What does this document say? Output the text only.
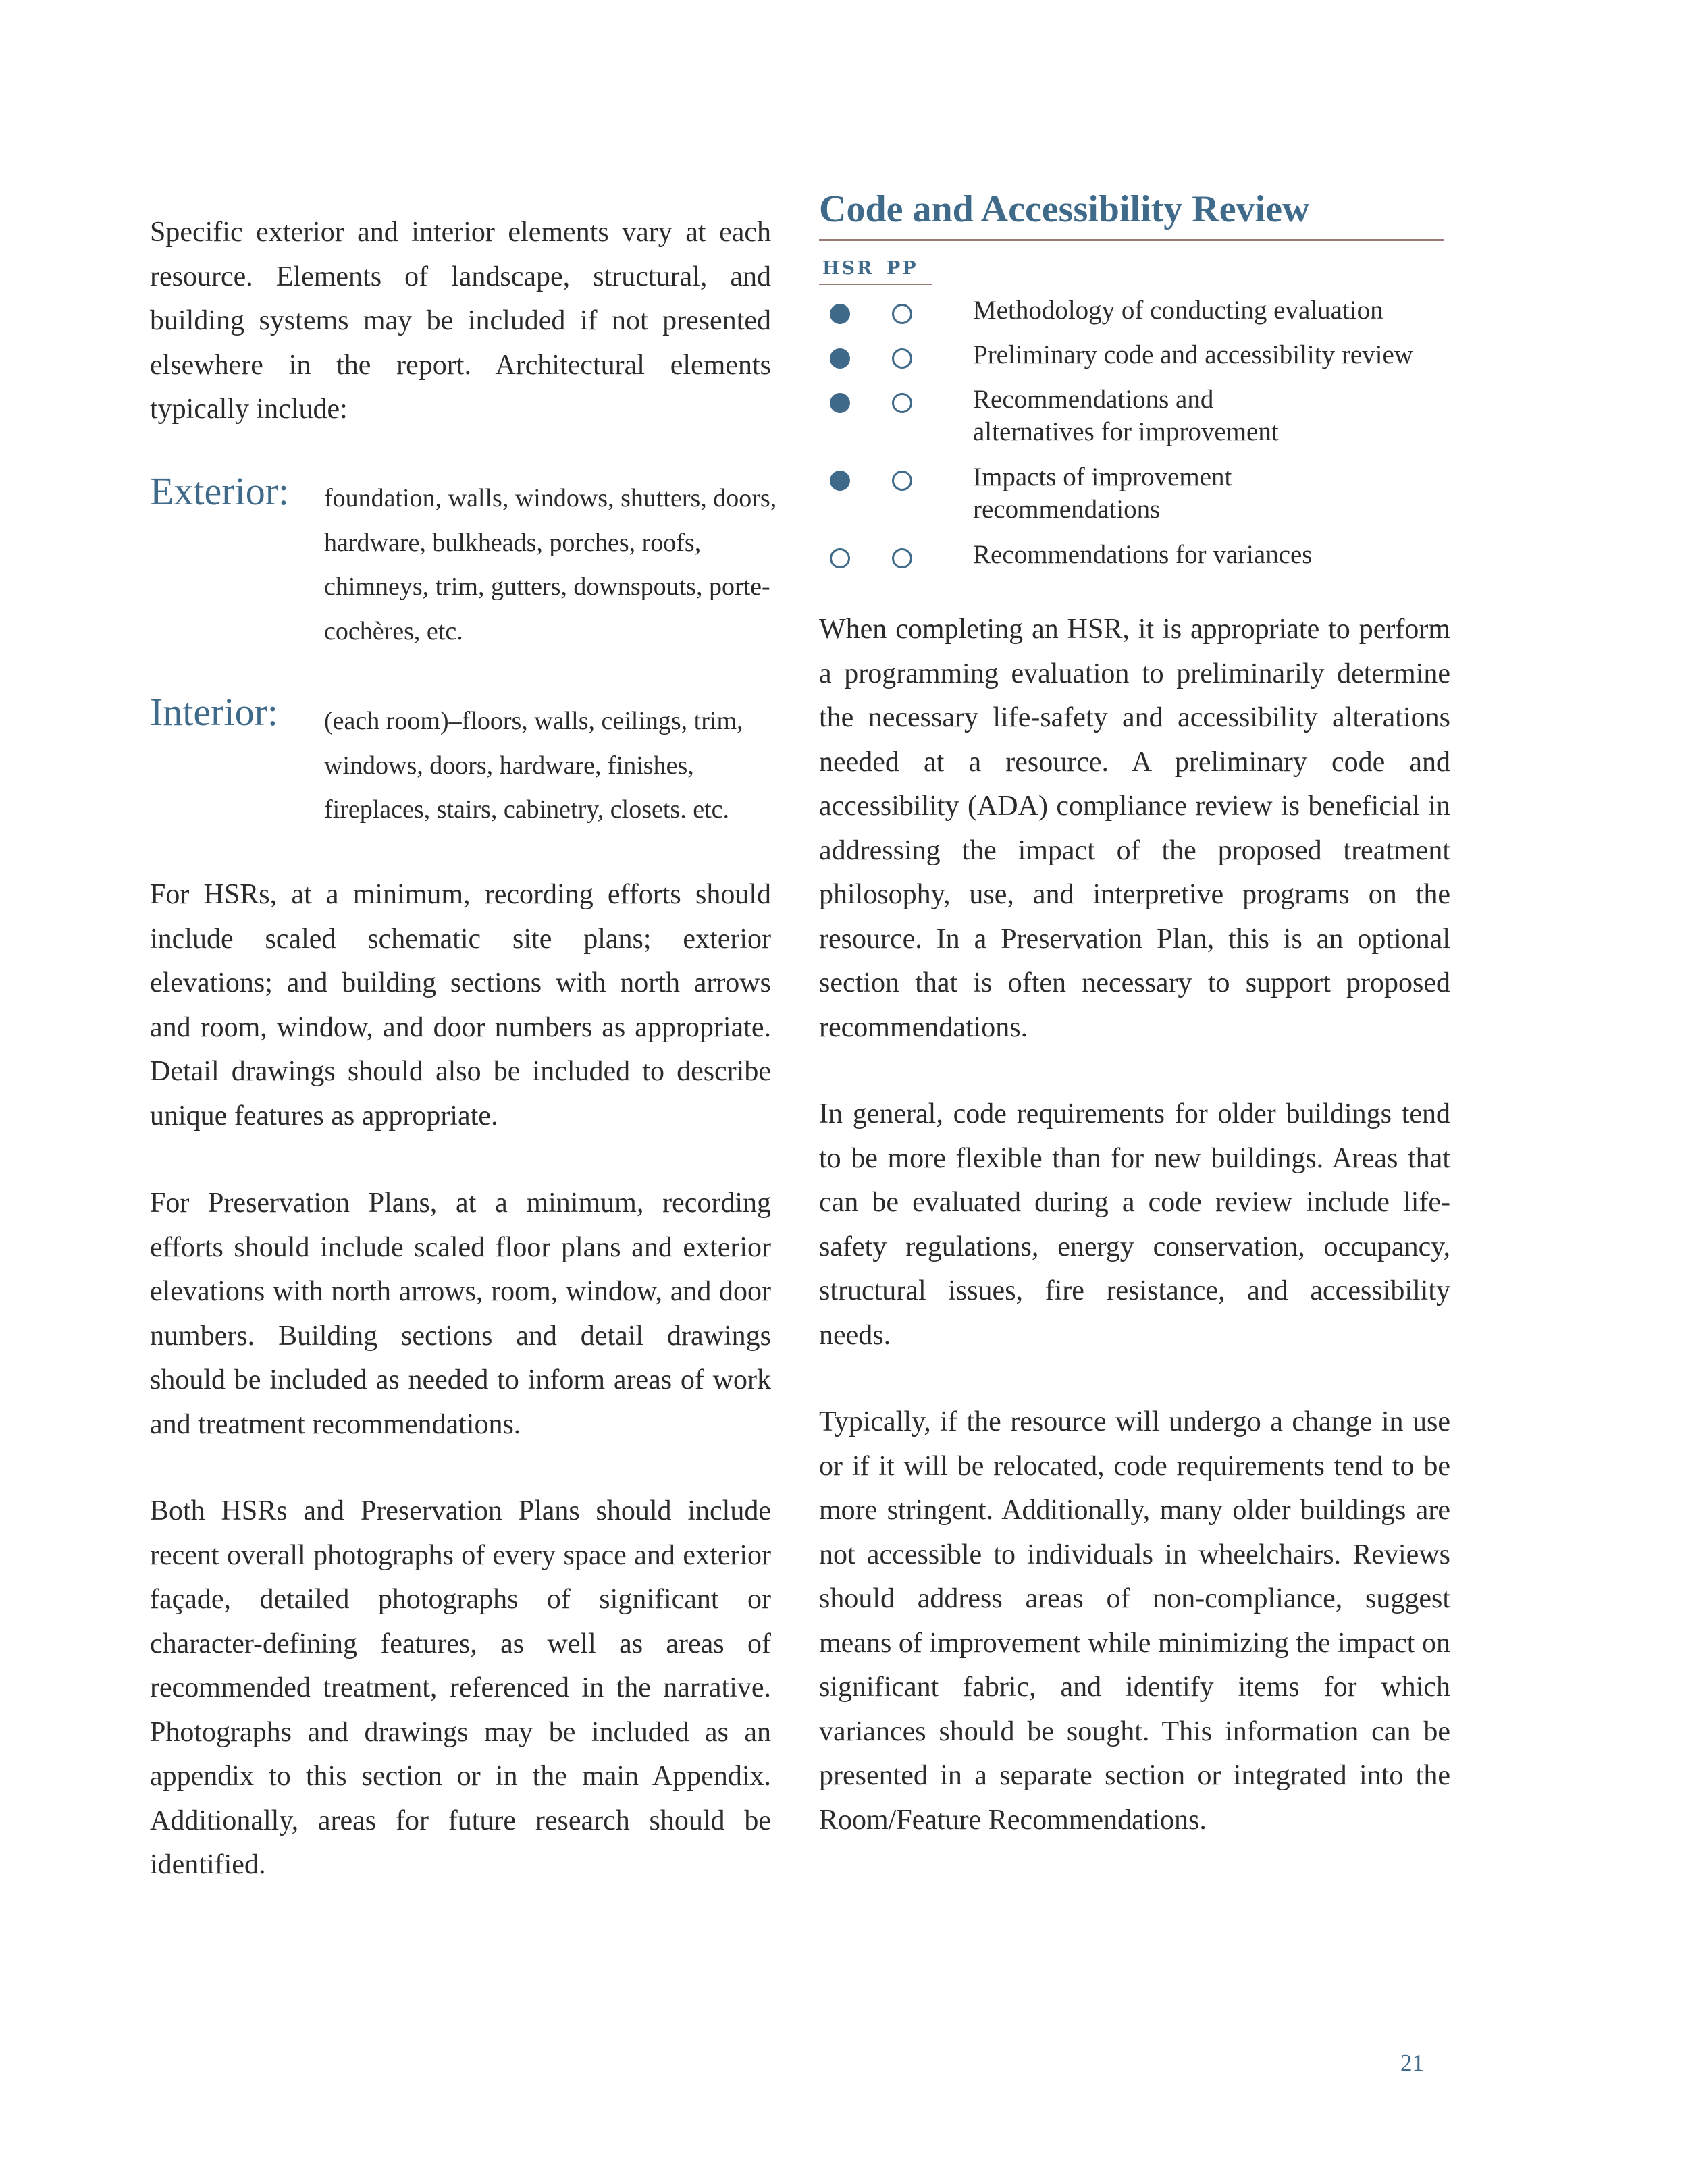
Specific exterior and interior elements vary at each resource. Elements of landscape, structural, and building systems may be included if not presented elsewhere in the report. Architectural elements typically include:

Exterior: foundation, walls, windows, shutters, doors, hardware, bulkheads, porches, roofs, chimneys, trim, gutters, downspouts, porte-cochères, etc.

Interior: (each room)–floors, walls, ceilings, trim, windows, doors, hardware, finishes, fireplaces, stairs, cabinetry, closets. etc.

For HSRs, at a minimum, recording efforts should include scaled schematic site plans; exterior elevations; and building sections with north arrows and room, window, and door numbers as appropriate. Detail drawings should also be included to describe unique features as appropriate.

For Preservation Plans, at a minimum, recording efforts should include scaled floor plans and exterior elevations with north arrows, room, window, and door numbers. Building sections and detail drawings should be included as needed to inform areas of work and treatment recommendations.

Both HSRs and Preservation Plans should include recent overall photographs of every space and exterior façade, detailed photographs of significant or character-defining features, as well as areas of recommended treatment, referenced in the narrative. Photographs and drawings may be included as an appendix to this section or in the main Appendix. Additionally, areas for future research should be identified.

Code and Accessibility Review
HSR PP
Methodology of conducting evaluation
Preliminary code and accessibility review
Recommendations and alternatives for improvement
Impacts of improvement recommendations
Recommendations for variances

When completing an HSR, it is appropriate to perform a programming evaluation to preliminarily determine the necessary life-safety and accessibility alterations needed at a resource. A preliminary code and accessibility (ADA) compliance review is beneficial in addressing the impact of the proposed treatment philosophy, use, and interpretive programs on the resource. In a Preservation Plan, this is an optional section that is often necessary to support proposed recommendations.

In general, code requirements for older buildings tend to be more flexible than for new buildings. Areas that can be evaluated during a code review include life-safety regulations, energy conservation, occupancy, structural issues, fire resistance, and accessibility needs.

Typically, if the resource will undergo a change in use or if it will be relocated, code requirements tend to be more stringent. Additionally, many older buildings are not accessible to individuals in wheelchairs. Reviews should address areas of non-compliance, suggest means of improvement while minimizing the impact on significant fabric, and identify items for which variances should be sought. This information can be presented in a separate section or integrated into the Room/Feature Recommendations.

21
